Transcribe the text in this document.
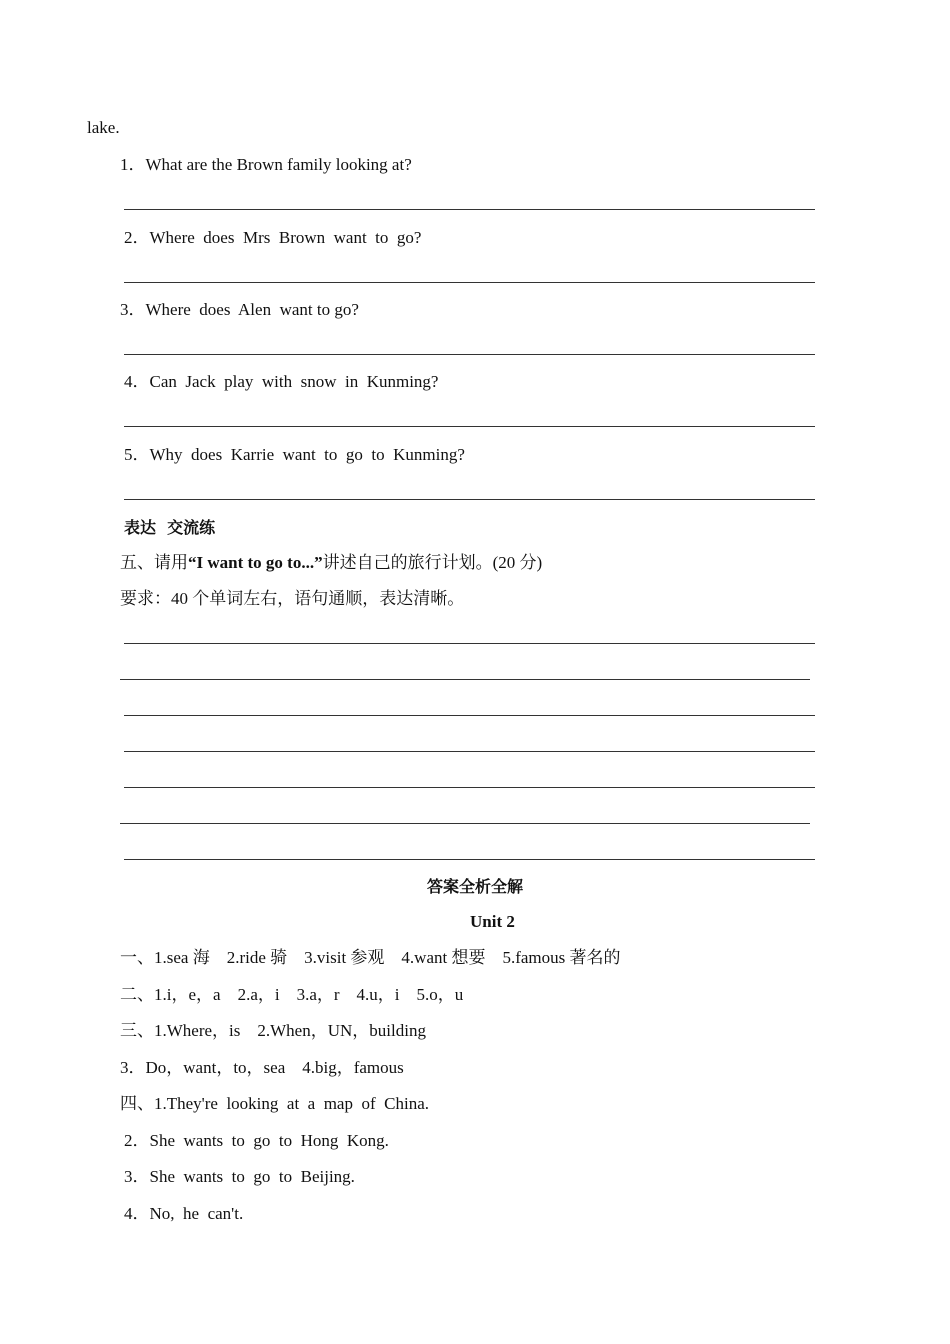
lake.
1．What are the Brown family looking at?
2．Where  does  Mrs  Brown  want  to  go?
3．Where  does  Alen  want to go?
4．Can  Jack  play  with  snow  in  Kunming?
5．Why  does  Karrie  want  to  go  to  Kunming?
表达  交流练
五、请用“I want to go to...”讲述自己的旅行计划。(20 分)
要求：40 个单词左右，语句通顺，表达清晰。
答案全析全解
Unit 2
一、1.sea 海    2.ride 骑    3.visit 参观    4.want 想要    5.famous 著名的
二、1.i，e，a    2.a，i    3.a，r    4.u，i    5.o，u
三、1.Where，is    2.When，UN，building
3．Do，want，to，sea    4.big，famous
四、1.They're  looking  at  a  map  of  China.
2．She  wants  to  go  to  Hong  Kong.
3．She  wants  to  go  to  Beijing.
4．No,  he  can't.
